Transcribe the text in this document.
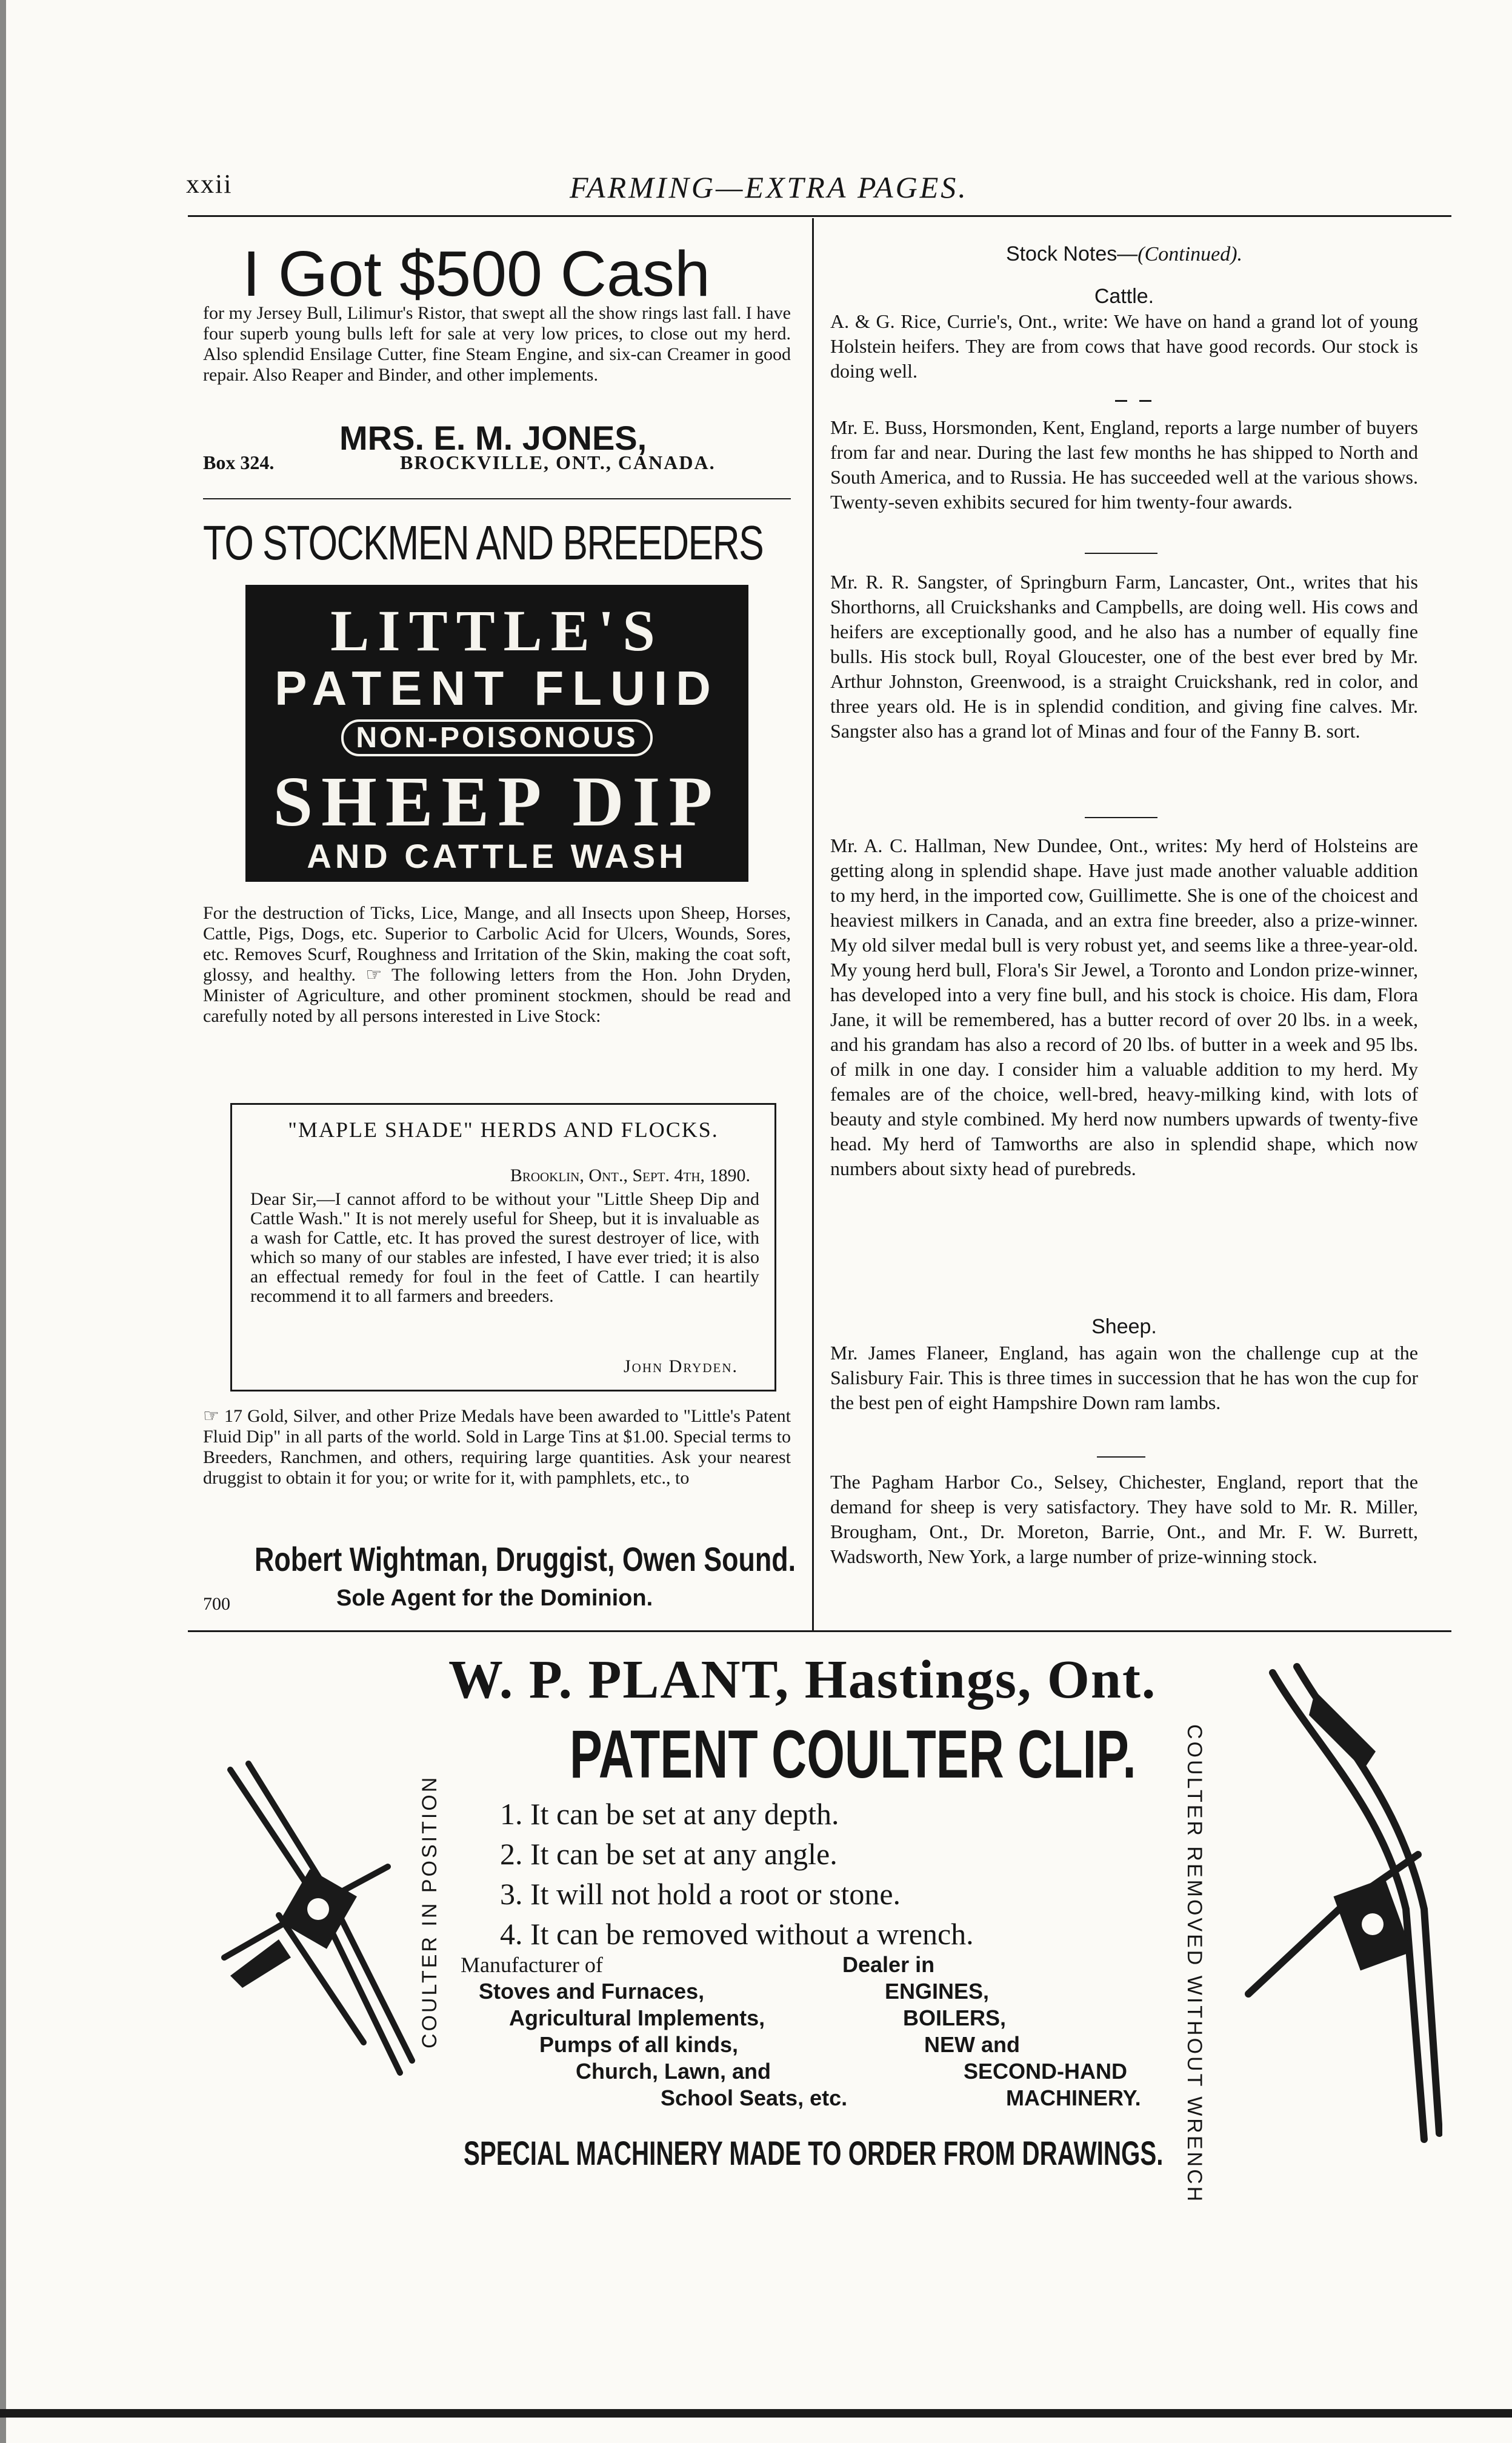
xxii	FARMING—EXTRA PAGES.
I Got $500 Cash
for my Jersey Bull, Lilimur's Ristor, that swept all the show rings last fall. I have four superb young bulls left for sale at very low prices, to close out my herd. Also splendid Ensilage Cutter, fine Steam Engine, and six-can Creamer in good repair. Also Reaper and Binder, and other implements.
MRS. E. M. JONES,
Box 324.	BROCKVILLE, ONT., CANADA.
TO STOCKMEN AND BREEDERS
LITTLE'S
PATENT FLUID
NON-POISONOUS
SHEEP DIP
AND CATTLE WASH
For the destruction of Ticks, Lice, Mange, and all Insects upon Sheep, Horses, Cattle, Pigs, Dogs, etc. Superior to Carbolic Acid for Ulcers, Wounds, Sores, etc. Removes Scurf, Roughness and Irritation of the Skin, making the coat soft, glossy, and healthy. ☞ The following letters from the Hon. John Dryden, Minister of Agriculture, and other prominent stockmen, should be read and carefully noted by all persons interested in Live Stock:
"MAPLE SHADE" HERDS AND FLOCKS.
Brooklin, Ont., Sept. 4th, 1890.
Dear Sir,—I cannot afford to be without your "Little Sheep Dip and Cattle Wash." It is not merely useful for Sheep, but it is invaluable as a wash for Cattle, etc. It has proved the surest destroyer of lice, with which so many of our stables are infested, I have ever tried; it is also an effectual remedy for foul in the feet of Cattle. I can heartily recommend it to all farmers and breeders.
John Dryden.
☞ 17 Gold, Silver, and other Prize Medals have been awarded to "Little's Patent Fluid Dip" in all parts of the world. Sold in Large Tins at $1.00. Special terms to Breeders, Ranchmen, and others, requiring large quantities. Ask your nearest druggist to obtain it for you; or write for it, with pamphlets, etc., to
Robert Wightman, Druggist, Owen Sound.
700	Sole Agent for the Dominion.
Stock Notes—(Continued).
Cattle.
A. & G. Rice, Currie's, Ont., write: We have on hand a grand lot of young Holstein heifers. They are from cows that have good records. Our stock is doing well.
Mr. E. Buss, Horsmonden, Kent, England, reports a large number of buyers from far and near. During the last few months he has shipped to North and South America, and to Russia. He has succeeded well at the various shows. Twenty-seven exhibits secured for him twenty-four awards.
Mr. R. R. Sangster, of Springburn Farm, Lancaster, Ont., writes that his Shorthorns, all Cruickshanks and Campbells, are doing well. His cows and heifers are exceptionally good, and he also has a number of equally fine bulls. His stock bull, Royal Gloucester, one of the best ever bred by Mr. Arthur Johnston, Greenwood, is a straight Cruickshank, red in color, and three years old. He is in splendid condition, and giving fine calves. Mr. Sangster also has a grand lot of Minas and four of the Fanny B. sort.
Mr. A. C. Hallman, New Dundee, Ont., writes: My herd of Holsteins are getting along in splendid shape. Have just made another valuable addition to my herd, in the imported cow, Guillimette. She is one of the choicest and heaviest milkers in Canada, and an extra fine breeder, also a prize-winner. My old silver medal bull is very robust yet, and seems like a three-year-old. My young herd bull, Flora's Sir Jewel, a Toronto and London prize-winner, has developed into a very fine bull, and his stock is choice. His dam, Flora Jane, it will be remembered, has a butter record of over 20 lbs. in a week, and his grandam has also a record of 20 lbs. of butter in a week and 95 lbs. of milk in one day. I consider him a valuable addition to my herd. My females are of the choice, well-bred, heavy-milking kind, with lots of beauty and style combined. My herd now numbers upwards of twenty-five head. My herd of Tamworths are also in splendid shape, which now numbers about sixty head of purebreds.
Sheep.
Mr. James Flaneer, England, has again won the challenge cup at the Salisbury Fair. This is three times in succession that he has won the cup for the best pen of eight Hampshire Down ram lambs.
The Pagham Harbor Co., Selsey, Chichester, England, report that the demand for sheep is very satisfactory. They have sold to Mr. R. Miller, Brougham, Ont., Dr. Moreton, Barrie, Ont., and Mr. F. W. Burrett, Wadsworth, New York, a large number of prize-winning stock.
COULTER IN POSITION	COULTER REMOVED WITHOUT WRENCH
W. P. PLANT, Hastings, Ont.
PATENT COULTER CLIP.
1. It can be set at any depth.
2. It can be set at any angle.
3. It will not hold a root or stone.
4. It can be removed without a wrench.
Manufacturer of
Stoves and Furnaces,
Agricultural Implements,
Pumps of all kinds,
Church, Lawn, and
School Seats, etc.
Dealer in
ENGINES,
BOILERS,
NEW and
SECOND-HAND
MACHINERY.
SPECIAL MACHINERY MADE TO ORDER FROM DRAWINGS.
